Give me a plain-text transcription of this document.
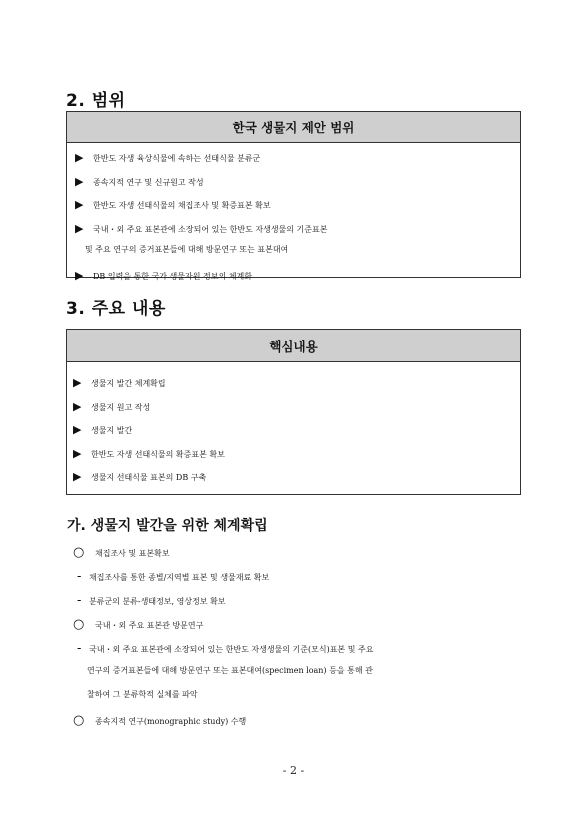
2. 범위
한국 생물지 제안 범위
▶ 한반도 자생 육상식물에 속하는 선태식물 분류군
▶ 종속지적 연구 및 신규원고 작성
▶ 한반도 자생 선태식물의 채집조사 및 확증표본 확보
▶ 국내・외 주요 표본관에 소장되어 있는 한반도 자생생물의 기준표본
및 주요 연구의 증거표본들에 대해 방문연구 또는 표본대여
▶ DB 입력을 통한 국가 생물자원 정보의 체계화
3. 주요 내용
핵심내용
▶ 생물지 발간 체계확립
▶ 생물지 원고 작성
▶ 생물지 발간
▶ 한반도 자생 선태식물의 확증표본 확보
▶ 생물지 선태식물 표본의 DB 구축
가. 생물지 발간을 위한 체계확립
○ 채집조사 및 표본확보
- 채집조사를 통한 종별/지역별 표본 및 생물재료 확보
- 분류군의 분류-생태정보, 영상정보 확보
○ 국내・외 주요 표본관 방문연구
- 국내・외 주요 표본관에 소장되어 있는 한반도 자생생물의 기준(모식)표본 및 주요
연구의 증거표본들에 대해 방문연구 또는 표본대여(specimen loan) 등을 통해 관
찰하여 그 분류학적 실체를 파악
○ 종속지적 연구(monographic study) 수행
- 2 -
